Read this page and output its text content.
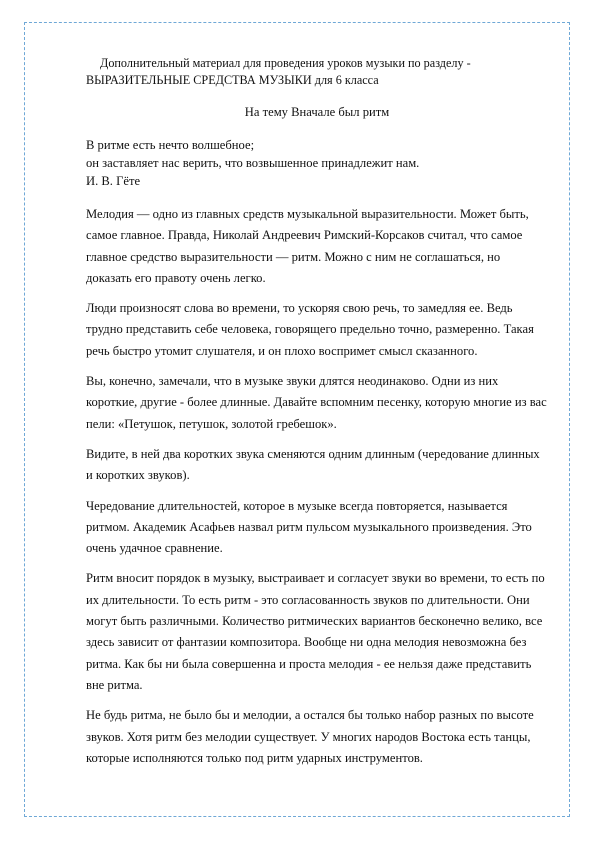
Дополнительный материал для проведения уроков музыки по разделу -
ВЫРАЗИТЕЛЬНЫЕ СРЕДСТВА МУЗЫКИ для 6 класса
На тему Вначале был ритм
В ритме есть нечто волшебное;
он заставляет нас верить, что возвышенное принадлежит нам.
И. В. Гёте

Мелодия — одно из главных средств музыкальной выразительности. Может быть, самое главное. Правда, Николай Андреевич Римский-Корсаков считал, что самое главное средство выразительности — ритм. Можно с ним не соглашаться, но доказать его правоту очень легко.

Люди произносят слова во времени, то ускоряя свою речь, то замедляя ее. Ведь трудно представить себе человека, говорящего предельно точно, размеренно. Такая речь быстро утомит слушателя, и он плохо воспримет смысл сказанного.

Вы, конечно, замечали, что в музыке звуки длятся неодинаково. Одни из них короткие, другие - более длинные. Давайте вспомним песенку, которую многие из вас пели: «Петушок, петушок, золотой гребешок».

Видите, в ней два коротких звука сменяются одним длинным (чередование длинных и коротких звуков).

Чередование длительностей, которое в музыке всегда повторяется, называется ритмом. Академик Асафьев назвал ритм пульсом музыкального произведения. Это очень удачное сравнение.

Ритм вносит порядок в музыку, выстраивает и согласует звуки во времени, то есть по их длительности. То есть ритм - это согласованность звуков по длительности. Они могут быть различными. Количество ритмических вариантов бесконечно велико, все здесь зависит от фантазии композитора. Вообще ни одна мелодия невозможна без ритма. Как бы ни была совершенна и проста мелодия - ее нельзя даже представить вне ритма.

Не будь ритма, не было бы и мелодии, а остался бы только набор разных по высоте звуков. Хотя ритм без мелодии существует. У многих народов Востока есть танцы, которые исполняются только под ритм ударных инструментов.
